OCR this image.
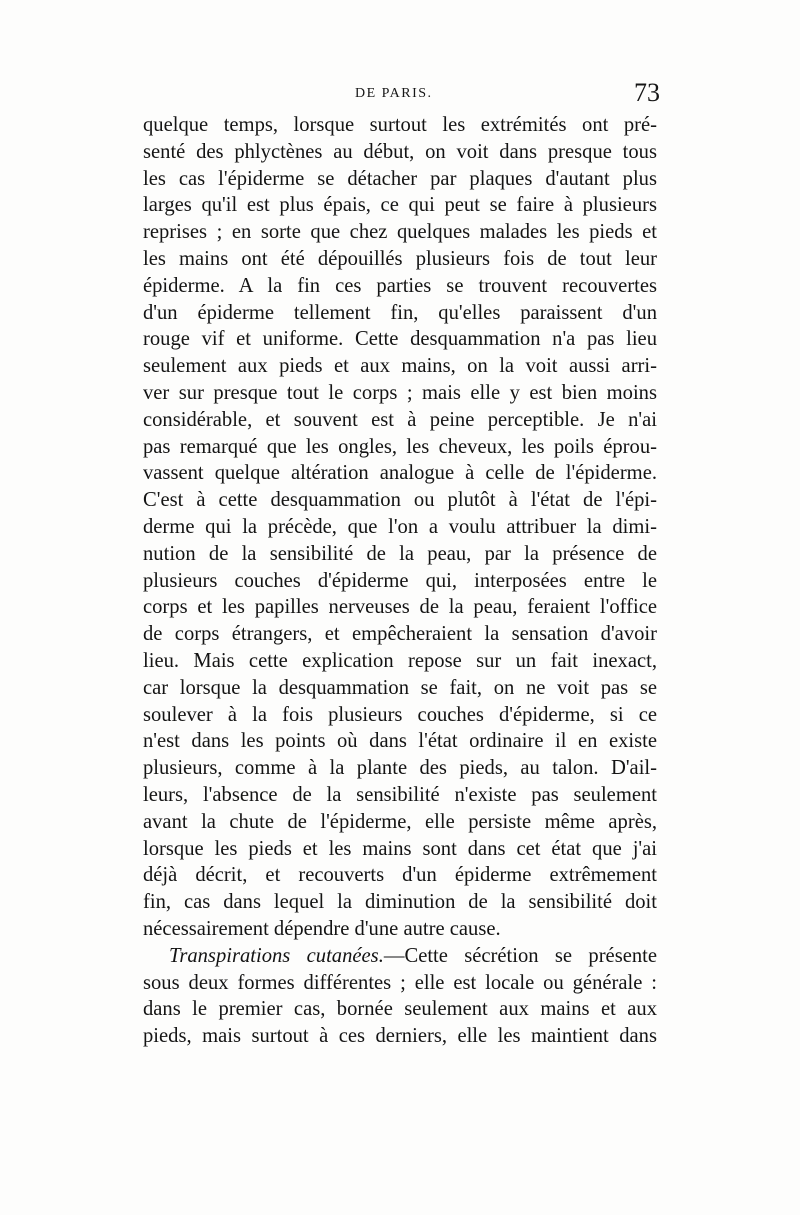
DE PARIS.	73
quelque temps, lorsque surtout les extrémités ont pré-
senté des phlyctènes au début, on voit dans presque tous
les cas l'épiderme se détacher par plaques d'autant plus
larges qu'il est plus épais, ce qui peut se faire à plusieurs
reprises ; en sorte que chez quelques malades les pieds et
les mains ont été dépouillés plusieurs fois de tout leur
épiderme. A la fin ces parties se trouvent recouvertes
d'un épiderme tellement fin, qu'elles paraissent d'un
rouge vif et uniforme. Cette desquammation n'a pas lieu
seulement aux pieds et aux mains, on la voit aussi arri-
ver sur presque tout le corps ; mais elle y est bien moins
considérable, et souvent est à peine perceptible. Je n'ai
pas remarqué que les ongles, les cheveux, les poils éprou-
vassent quelque altération analogue à celle de l'épiderme.
C'est à cette desquammation ou plutôt à l'état de l'épi-
derme qui la précède, que l'on a voulu attribuer la dimi-
nution de la sensibilité de la peau, par la présence de
plusieurs couches d'épiderme qui, interposées entre le
corps et les papilles nerveuses de la peau, feraient l'office
de corps étrangers, et empêcheraient la sensation d'avoir
lieu. Mais cette explication repose sur un fait inexact,
car lorsque la desquammation se fait, on ne voit pas se
soulever à la fois plusieurs couches d'épiderme, si ce
n'est dans les points où dans l'état ordinaire il en existe
plusieurs, comme à la plante des pieds, au talon. D'ail-
leurs, l'absence de la sensibilité n'existe pas seulement
avant la chute de l'épiderme, elle persiste même après,
lorsque les pieds et les mains sont dans cet état que j'ai
déjà décrit, et recouverts d'un épiderme extrêmement
fin, cas dans lequel la diminution de la sensibilité doit
nécessairement dépendre d'une autre cause.
Transpirations cutanées.—Cette sécrétion se présente
sous deux formes différentes ; elle est locale ou générale :
dans le premier cas, bornée seulement aux mains et aux
pieds, mais surtout à ces derniers, elle les maintient dans
